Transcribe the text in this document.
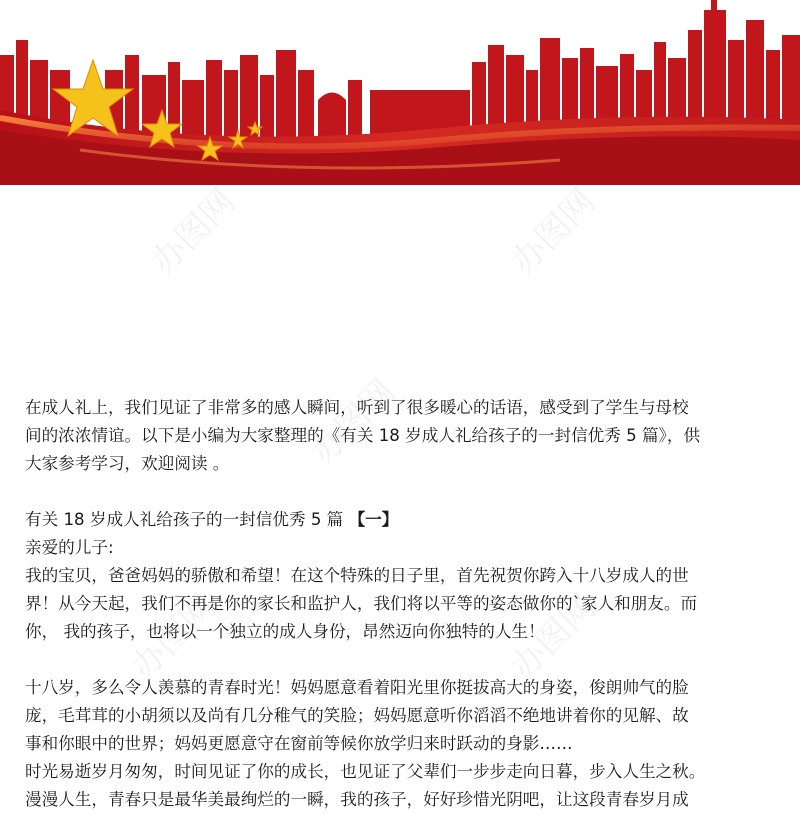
办图网	办图网
办图网
办图网	办图网

在成人礼上，我们见证了非常多的感人瞬间，听到了很多暖心的话语，感受到了学生与母校

间的浓浓情谊。以下是小编为大家整理的《有关 18 岁成人礼给孩子的一封信优秀 5 篇》，供

大家参考学习，欢迎阅读 。

有关 18 岁成人礼给孩子的一封信优秀 5 篇 【一】

亲爱的儿子:

我的宝贝，爸爸妈妈的骄傲和希望！在这个特殊的日子里，首先祝贺你跨入十八岁成人的世

界！从今天起，我们不再是你的家长和监护人，我们将以平等的姿态做你的`家人和朋友。而

你， 我的孩子，也将以一个独立的成人身份，昂然迈向你独特的人生！

十八岁，多么令人羡慕的青春时光！妈妈愿意看着阳光里你挺拔高大的身姿，俊朗帅气的脸

庞，毛茸茸的小胡须以及尚有几分稚气的笑脸；妈妈愿意听你滔滔不绝地讲着你的见解、故

事和你眼中的世界；妈妈更愿意守在窗前等候你放学归来时跃动的身影……

时光易逝岁月匆匆，时间见证了你的成长，也见证了父辈们一步步走向日暮，步入人生之秋。

漫漫人生，青春只是最华美最绚烂的一瞬，我的孩子，好好珍惜光阴吧，让这段青春岁月成
